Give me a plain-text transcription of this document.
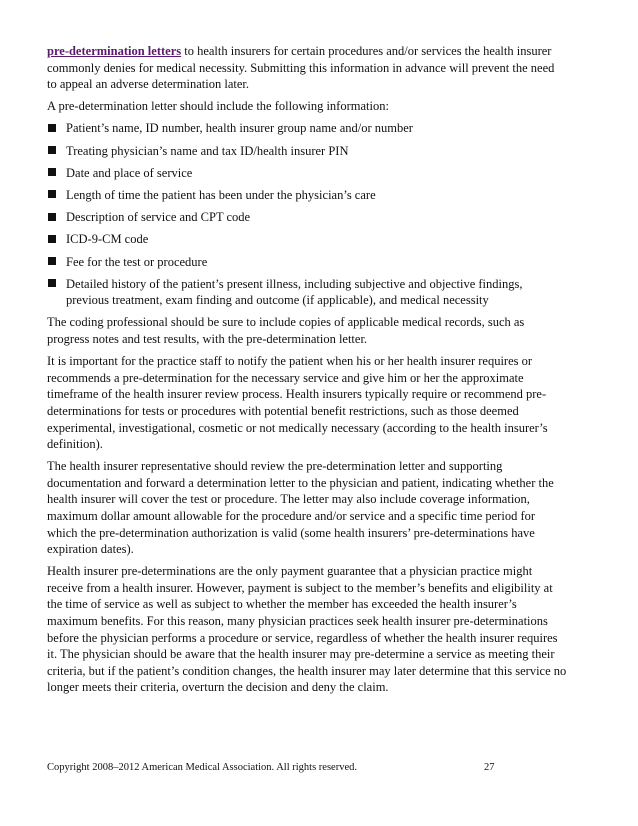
pre-determination letters to health insurers for certain procedures and/or services the health insurer commonly denies for medical necessity. Submitting this information in advance will prevent the need to appeal an adverse determination later.

A pre-determination letter should include the following information:

Patient’s name, ID number, health insurer group name and/or number
Treating physician’s name and tax ID/health insurer PIN
Date and place of service
Length of time the patient has been under the physician’s care
Description of service and CPT code
ICD-9-CM code
Fee for the test or procedure
Detailed history of the patient’s present illness, including subjective and objective findings, previous treatment, exam finding and outcome (if applicable), and medical necessity

The coding professional should be sure to include copies of applicable medical records, such as progress notes and test results, with the pre-determination letter.

It is important for the practice staff to notify the patient when his or her health insurer requires or recommends a pre-determination for the necessary service and give him or her the approximate timeframe of the health insurer review process. Health insurers typically require or recommend pre-determinations for tests or procedures with potential benefit restrictions, such as those deemed experimental, investigational, cosmetic or not medically necessary (according to the health insurer’s definition).

The health insurer representative should review the pre-determination letter and supporting documentation and forward a determination letter to the physician and patient, indicating whether the health insurer will cover the test or procedure. The letter may also include coverage information, maximum dollar amount allowable for the procedure and/or service and a specific time period for which the pre-determination authorization is valid (some health insurers’ pre-determinations have expiration dates).

Health insurer pre-determinations are the only payment guarantee that a physician practice might receive from a health insurer. However, payment is subject to the member’s benefits and eligibility at the time of service as well as subject to whether the member has exceeded the health insurer’s maximum benefits. For this reason, many physician practices seek health insurer pre-determinations before the physician performs a procedure or service, regardless of whether the health insurer requires it. The physician should be aware that the health insurer may pre-determine a service as meeting their criteria, but if the patient’s condition changes, the health insurer may later determine that this service no longer meets their criteria, overturn the decision and deny the claim.

Copyright 2008–2012 American Medical Association. All rights reserved.	27
